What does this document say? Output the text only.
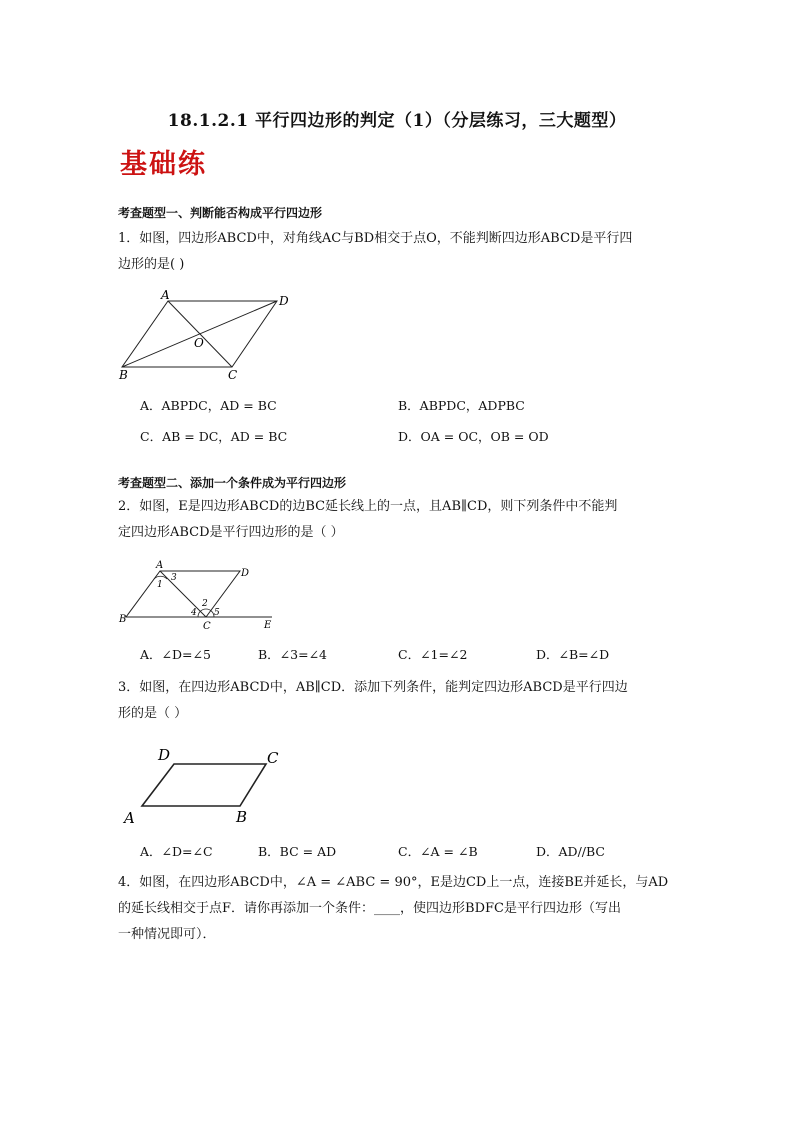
18.1.2.1 平行四边形的判定（1）（分层练习，三大题型）
基础练
考查题型一、判断能否构成平行四边形
1．如图，四边形ABCD中，对角线AC与BD相交于点O，不能判断四边形ABCD是平行四
边形的是( )
A	D
O
B	C
A．ABPDC，AD = BC	B．ABPDC，ADPBC
C．AB = DC，AD = BC	D．OA = OC，OB = OD
考查题型二、添加一个条件成为平行四边形
2．如图，E是四边形ABCD的边BC延长线上的一点，且AB∥CD，则下列条件中不能判
定四边形ABCD是平行四边形的是（ ）
A
D
B
C	E
1
3
2
4 5
A．∠D=∠5	B．∠3=∠4	C．∠1=∠2	D．∠B=∠D
3．如图，在四边形ABCD中，AB∥CD．添加下列条件，能判定四边形ABCD是平行四边
形的是（ ）
D	C
A	B
A．∠D=∠C	B．BC = AD	C．∠A = ∠B	D．AD//BC
4．如图，在四边形ABCD中，∠A = ∠ABC = 90°，E是边CD上一点，连接BE并延长，与AD
的延长线相交于点F．请你再添加一个条件：____，使四边形BDFC是平行四边形（写出
一种情况即可）．
